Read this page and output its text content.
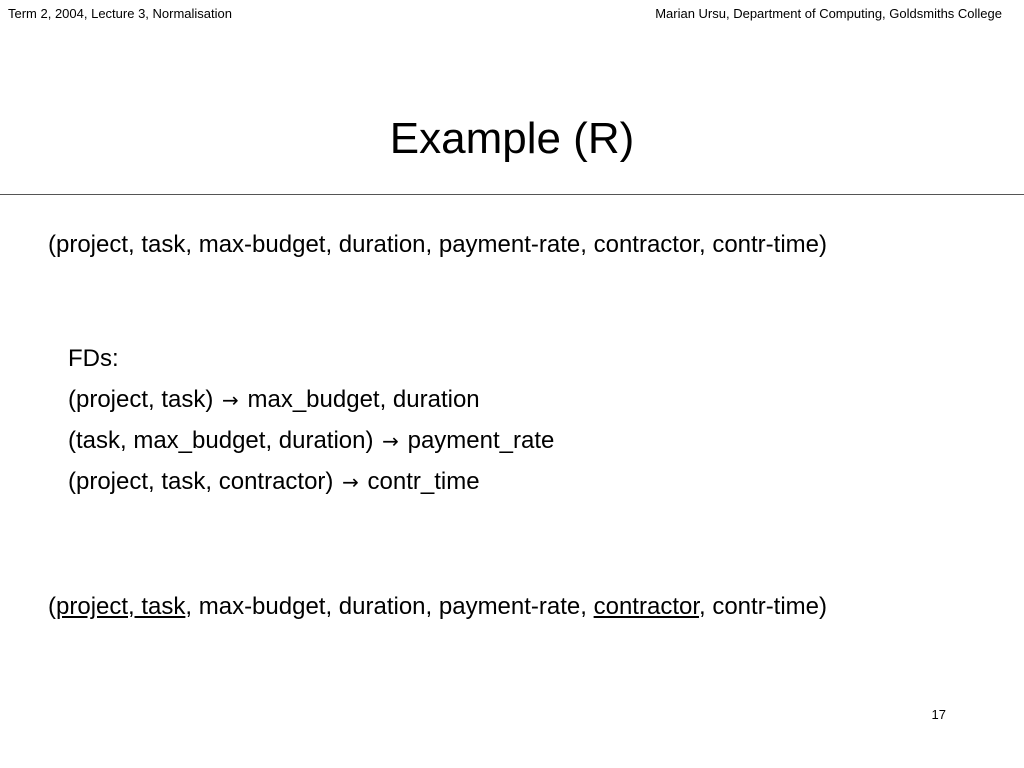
Term 2, 2004, Lecture 3, Normalisation	Marian Ursu, Department of Computing, Goldsmiths College
Example (R)
(project, task, max-budget, duration, payment-rate, contractor, contr-time)
FDs:
(project, task) → max_budget, duration
(task, max_budget, duration) → payment_rate
(project, task, contractor) → contr_time
(project, task, max-budget, duration, payment-rate, contractor, contr-time)
17
